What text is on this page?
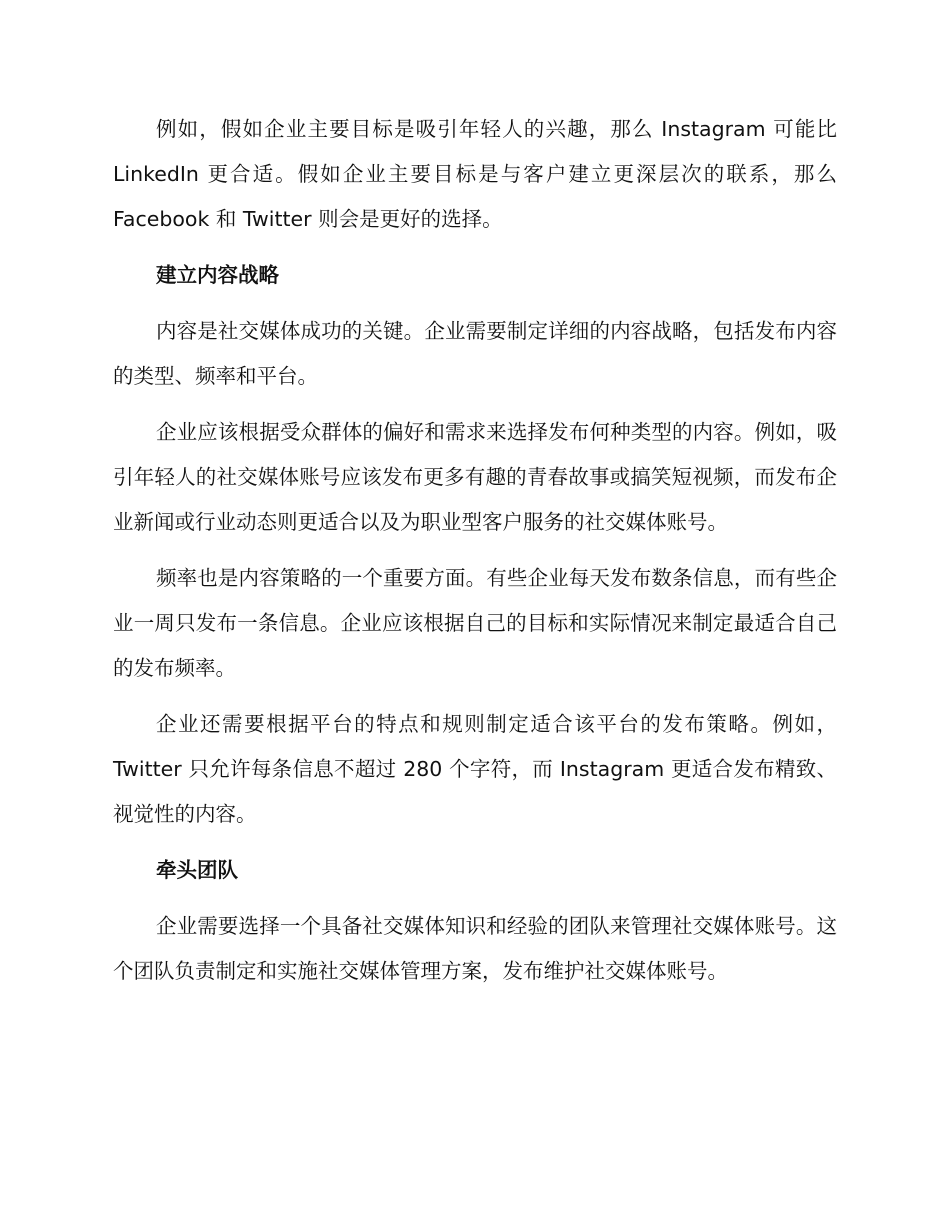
例如，假如企业主要目标是吸引年轻人的兴趣，那么 Instagram 可能比 LinkedIn 更合适。假如企业主要目标是与客户建立更深层次的联系，那么 Facebook 和 Twitter 则会是更好的选择。

建立内容战略

内容是社交媒体成功的关键。企业需要制定详细的内容战略，包括发布内容的类型、频率和平台。

企业应该根据受众群体的偏好和需求来选择发布何种类型的内容。例如，吸引年轻人的社交媒体账号应该发布更多有趣的青春故事或搞笑短视频，而发布企业新闻或行业动态则更适合以及为职业型客户服务的社交媒体账号。

频率也是内容策略的一个重要方面。有些企业每天发布数条信息，而有些企业一周只发布一条信息。企业应该根据自己的目标和实际情况来制定最适合自己的发布频率。

企业还需要根据平台的特点和规则制定适合该平台的发布策略。例如，Twitter 只允许每条信息不超过 280 个字符，而 Instagram 更适合发布精致、视觉性的内容。

牵头团队

企业需要选择一个具备社交媒体知识和经验的团队来管理社交媒体账号。这个团队负责制定和实施社交媒体管理方案，发布维护社交媒体账号。
